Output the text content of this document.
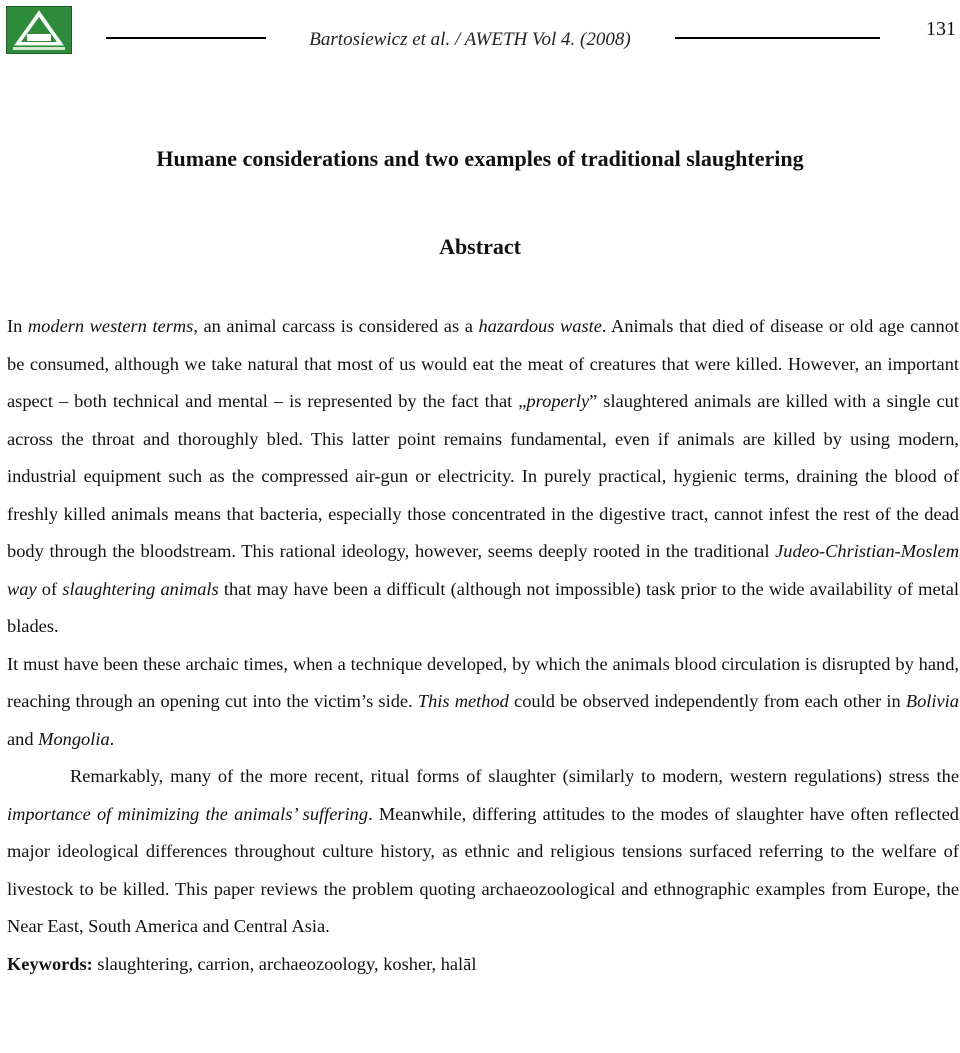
Bartosiewicz et al. / AWETH Vol 4. (2008)	131
Humane considerations and two examples of traditional slaughtering
Abstract

In modern western terms, an animal carcass is considered as a hazardous waste. Animals that died of disease or old age cannot be consumed, although we take natural that most of us would eat the meat of creatures that were killed. However, an important aspect – both technical and mental – is represented by the fact that „properly” slaughtered animals are killed with a single cut across the throat and thoroughly bled. This latter point remains fundamental, even if animals are killed by using modern, industrial equipment such as the compressed air-gun or electricity. In purely practical, hygienic terms, draining the blood of freshly killed animals means that bacteria, especially those concentrated in the digestive tract, cannot infest the rest of the dead body through the bloodstream. This rational ideology, however, seems deeply rooted in the traditional Judeo-Christian-Moslem way of slaughtering animals that may have been a difficult (although not impossible) task prior to the wide availability of metal blades.

It must have been these archaic times, when a technique developed, by which the animals blood circulation is disrupted by hand, reaching through an opening cut into the victim’s side. This method could be observed independently from each other in Bolivia and Mongolia.

Remarkably, many of the more recent, ritual forms of slaughter (similarly to modern, western regulations) stress the importance of minimizing the animals’ suffering. Meanwhile, differing attitudes to the modes of slaughter have often reflected major ideological differences throughout culture history, as ethnic and religious tensions surfaced referring to the welfare of livestock to be killed. This paper reviews the problem quoting archaeozoological and ethnographic examples from Europe, the Near East, South America and Central Asia.

Keywords: slaughtering, carrion, archaeozoology, kosher, halāl
